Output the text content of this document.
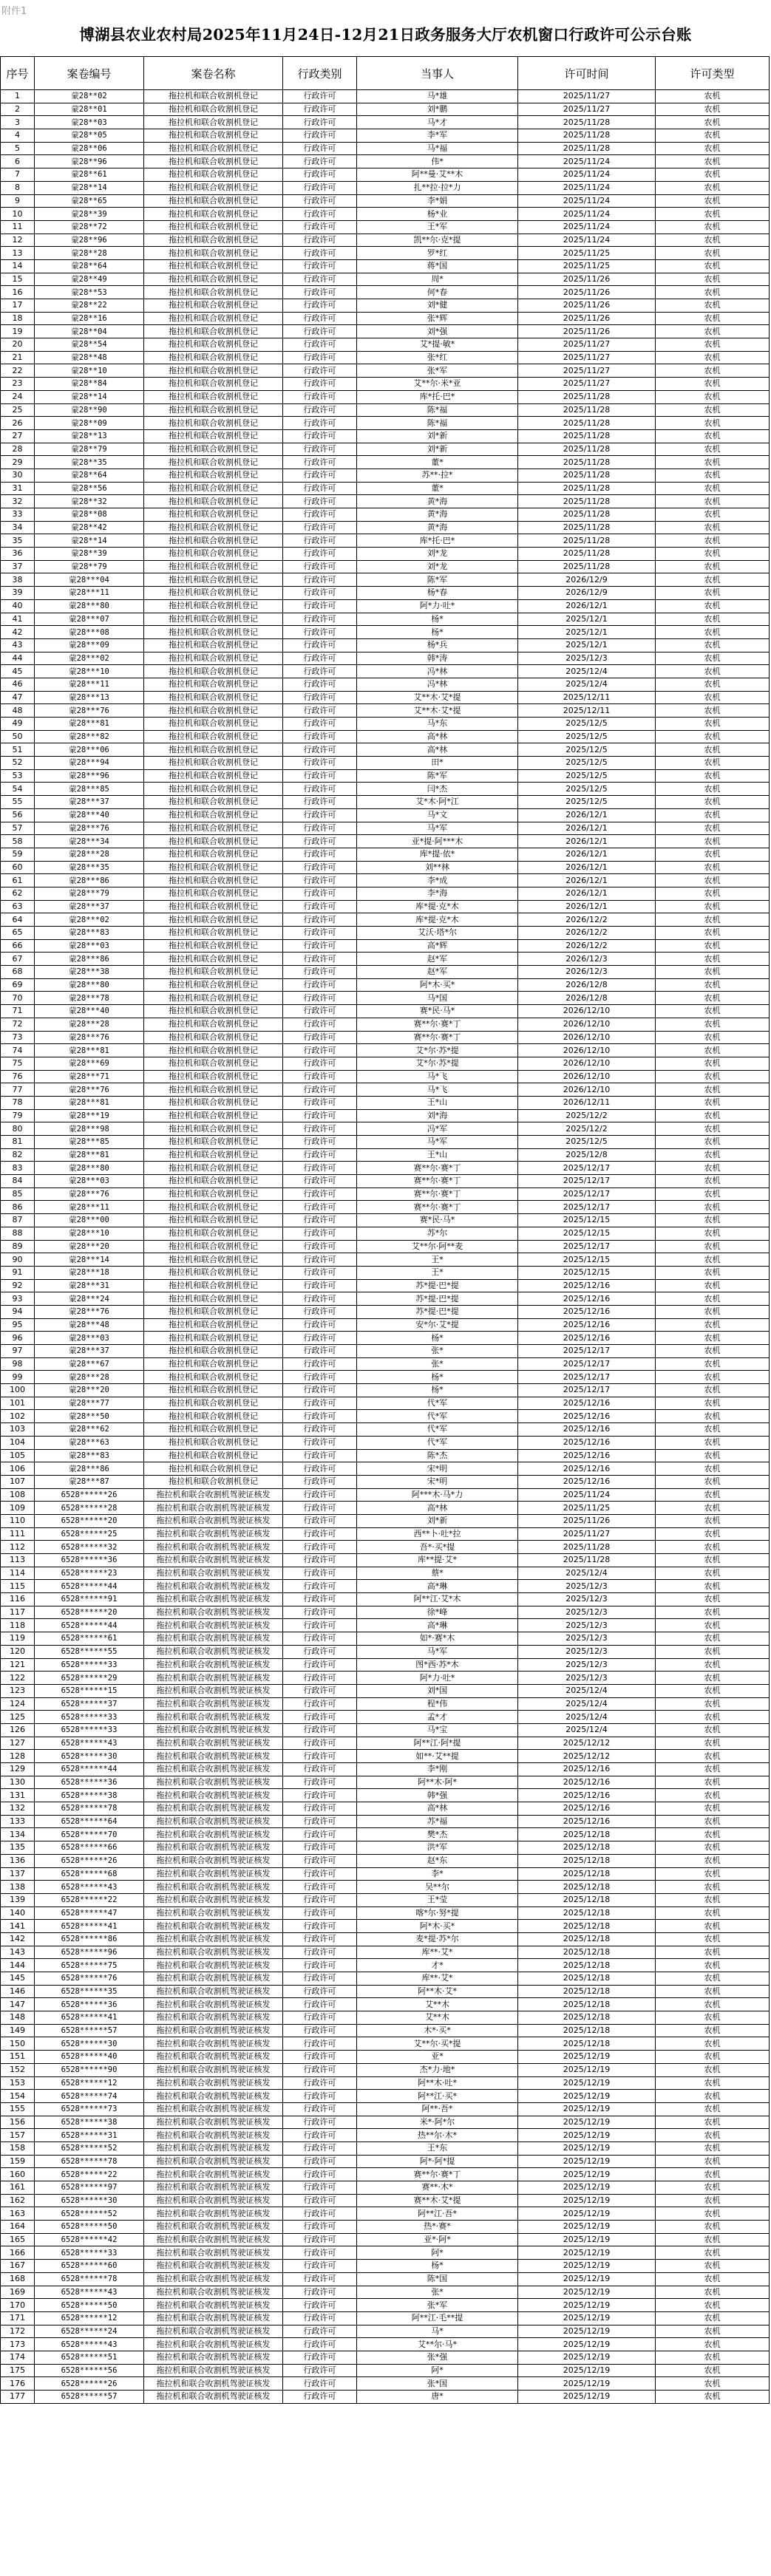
附件1
博湖县农业农村局2025年11月24日-12月21日政务服务大厅农机窗口行政许可公示台账
序号	案卷编号	案卷名称	行政类别	当事人	许可时间	许可类型
1	蒙28**02	拖拉机和联合收割机登记	行政许可	马*雄	2025/11/27	农机
2	蒙28**01	拖拉机和联合收割机登记	行政许可	刘*鹏	2025/11/27	农机
3	蒙28**03	拖拉机和联合收割机登记	行政许可	马*才	2025/11/28	农机
4	蒙28**05	拖拉机和联合收割机登记	行政许可	李*军	2025/11/28	农机
5	蒙28**06	拖拉机和联合收割机登记	行政许可	马*福	2025/11/28	农机
6	蒙28**96	拖拉机和联合收割机登记	行政许可	伟*	2025/11/24	农机
7	蒙28**61	拖拉机和联合收割机登记	行政许可	阿**曼·艾**木	2025/11/24	农机
8	蒙28**14	拖拉机和联合收割机登记	行政许可	扎**拉·拉*力	2025/11/24	农机
9	蒙28**65	拖拉机和联合收割机登记	行政许可	李*娟	2025/11/24	农机
10	蒙28**39	拖拉机和联合收割机登记	行政许可	杨*业	2025/11/24	农机
11	蒙28**72	拖拉机和联合收割机登记	行政许可	王*军	2025/11/24	农机
12	蒙28**96	拖拉机和联合收割机登记	行政许可	凯**尔·克*提	2025/11/24	农机
13	蒙28**28	拖拉机和联合收割机登记	行政许可	罗*红	2025/11/25	农机
14	蒙28**64	拖拉机和联合收割机登记	行政许可	蒋*国	2025/11/25	农机
15	蒙28**49	拖拉机和联合收割机登记	行政许可	周*	2025/11/26	农机
16	蒙28**53	拖拉机和联合收割机登记	行政许可	何*春	2025/11/26	农机
17	蒙28**22	拖拉机和联合收割机登记	行政许可	刘*健	2025/11/26	农机
18	蒙28**16	拖拉机和联合收割机登记	行政许可	张*辉	2025/11/26	农机
19	蒙28**04	拖拉机和联合收割机登记	行政许可	刘*强	2025/11/26	农机
20	蒙28**54	拖拉机和联合收割机登记	行政许可	艾*提·敏*	2025/11/27	农机
21	蒙28**48	拖拉机和联合收割机登记	行政许可	张*红	2025/11/27	农机
22	蒙28**10	拖拉机和联合收割机登记	行政许可	张*军	2025/11/27	农机
23	蒙28**84	拖拉机和联合收割机登记	行政许可	艾**尔·米*亚	2025/11/27	农机
24	蒙28**14	拖拉机和联合收割机登记	行政许可	库*托·巴*	2025/11/28	农机
25	蒙28**90	拖拉机和联合收割机登记	行政许可	陈*福	2025/11/28	农机
26	蒙28**09	拖拉机和联合收割机登记	行政许可	陈*福	2025/11/28	农机
27	蒙28**13	拖拉机和联合收割机登记	行政许可	刘*新	2025/11/28	农机
28	蒙28**79	拖拉机和联合收割机登记	行政许可	刘*新	2025/11/28	农机
29	蒙28**35	拖拉机和联合收割机登记	行政许可	董*	2025/11/28	农机
30	蒙28**64	拖拉机和联合收割机登记	行政许可	苏**·拉*	2025/11/28	农机
31	蒙28**56	拖拉机和联合收割机登记	行政许可	董*	2025/11/28	农机
32	蒙28**32	拖拉机和联合收割机登记	行政许可	黄*海	2025/11/28	农机
33	蒙28**08	拖拉机和联合收割机登记	行政许可	黄*海	2025/11/28	农机
34	蒙28**42	拖拉机和联合收割机登记	行政许可	黄*海	2025/11/28	农机
35	蒙28**14	拖拉机和联合收割机登记	行政许可	库*托·巴*	2025/11/28	农机
36	蒙28**39	拖拉机和联合收割机登记	行政许可	刘*龙	2025/11/28	农机
37	蒙28**79	拖拉机和联合收割机登记	行政许可	刘*龙	2025/11/28	农机
38	蒙28***04	拖拉机和联合收割机登记	行政许可	陈*军	2026/12/9	农机
39	蒙28***11	拖拉机和联合收割机登记	行政许可	杨*春	2026/12/9	农机
40	蒙28***80	拖拉机和联合收割机登记	行政许可	阿*力·吐*	2026/12/1	农机
41	蒙28***07	拖拉机和联合收割机登记	行政许可	杨*	2025/12/1	农机
42	蒙28***08	拖拉机和联合收割机登记	行政许可	杨*	2025/12/1	农机
43	蒙28***09	拖拉机和联合收割机登记	行政许可	杨*兵	2025/12/1	农机
44	蒙28***02	拖拉机和联合收割机登记	行政许可	韩*涛	2025/12/3	农机
45	蒙28***10	拖拉机和联合收割机登记	行政许可	冯*林	2025/12/4	农机
46	蒙28***11	拖拉机和联合收割机登记	行政许可	冯*林	2025/12/4	农机
47	蒙28***13	拖拉机和联合收割机登记	行政许可	艾**木·艾*提	2025/12/11	农机
48	蒙28***76	拖拉机和联合收割机登记	行政许可	艾**木·艾*提	2025/12/11	农机
49	蒙28***81	拖拉机和联合收割机登记	行政许可	马*东	2025/12/5	农机
50	蒙28***82	拖拉机和联合收割机登记	行政许可	高*林	2025/12/5	农机
51	蒙28***06	拖拉机和联合收割机登记	行政许可	高*林	2025/12/5	农机
52	蒙28***94	拖拉机和联合收割机登记	行政许可	田*	2025/12/5	农机
53	蒙28***96	拖拉机和联合收割机登记	行政许可	陈*军	2025/12/5	农机
54	蒙28***85	拖拉机和联合收割机登记	行政许可	闫*杰	2025/12/5	农机
55	蒙28***37	拖拉机和联合收割机登记	行政许可	艾*木·阿*江	2025/12/5	农机
56	蒙28***40	拖拉机和联合收割机登记	行政许可	马*文	2026/12/1	农机
57	蒙28***76	拖拉机和联合收割机登记	行政许可	马*军	2026/12/1	农机
58	蒙28***34	拖拉机和联合收割机登记	行政许可	亚*提·阿***木	2026/12/1	农机
59	蒙28***28	拖拉机和联合收割机登记	行政许可	库*提·依*	2026/12/1	农机
60	蒙28***35	拖拉机和联合收割机登记	行政许可	刘**林	2026/12/1	农机
61	蒙28***86	拖拉机和联合收割机登记	行政许可	李*成	2026/12/1	农机
62	蒙28***79	拖拉机和联合收割机登记	行政许可	李*海	2026/12/1	农机
63	蒙28***37	拖拉机和联合收割机登记	行政许可	库*提·克*木	2026/12/1	农机
64	蒙28***02	拖拉机和联合收割机登记	行政许可	库*提·克*木	2026/12/2	农机
65	蒙28***83	拖拉机和联合收割机登记	行政许可	艾沃·塔*尔	2026/12/2	农机
66	蒙28***03	拖拉机和联合收割机登记	行政许可	高*辉	2026/12/2	农机
67	蒙28***86	拖拉机和联合收割机登记	行政许可	赵*军	2026/12/3	农机
68	蒙28***38	拖拉机和联合收割机登记	行政许可	赵*军	2026/12/3	农机
69	蒙28***80	拖拉机和联合收割机登记	行政许可	阿*木·买*	2026/12/8	农机
70	蒙28***78	拖拉机和联合收割机登记	行政许可	马*国	2026/12/8	农机
71	蒙28***40	拖拉机和联合收割机登记	行政许可	赛*民·马*	2026/12/10	农机
72	蒙28***28	拖拉机和联合收割机登记	行政许可	赛**尔·赛*丁	2026/12/10	农机
73	蒙28***76	拖拉机和联合收割机登记	行政许可	赛**尔·赛*丁	2026/12/10	农机
74	蒙28***81	拖拉机和联合收割机登记	行政许可	艾*尔·苏*提	2026/12/10	农机
75	蒙28***69	拖拉机和联合收割机登记	行政许可	艾*尔·苏*提	2026/12/10	农机
76	蒙28***71	拖拉机和联合收割机登记	行政许可	马*飞	2026/12/10	农机
77	蒙28***76	拖拉机和联合收割机登记	行政许可	马*飞	2026/12/10	农机
78	蒙28***81	拖拉机和联合收割机登记	行政许可	王*山	2026/12/11	农机
79	蒙28***19	拖拉机和联合收割机登记	行政许可	刘*海	2025/12/2	农机
80	蒙28***98	拖拉机和联合收割机登记	行政许可	冯*军	2025/12/2	农机
81	蒙28***85	拖拉机和联合收割机登记	行政许可	马*军	2025/12/5	农机
82	蒙28***81	拖拉机和联合收割机登记	行政许可	王*山	2025/12/8	农机
83	蒙28***80	拖拉机和联合收割机登记	行政许可	赛**尔·赛*丁	2025/12/17	农机
84	蒙28***03	拖拉机和联合收割机登记	行政许可	赛**尔·赛*丁	2025/12/17	农机
85	蒙28***76	拖拉机和联合收割机登记	行政许可	赛**尔·赛*丁	2025/12/17	农机
86	蒙28***11	拖拉机和联合收割机登记	行政许可	赛**尔·赛*丁	2025/12/17	农机
87	蒙28***00	拖拉机和联合收割机登记	行政许可	赛*民·马*	2025/12/15	农机
88	蒙28***10	拖拉机和联合收割机登记	行政许可	苏*尔	2025/12/15	农机
89	蒙28***20	拖拉机和联合收割机登记	行政许可	艾**尔·阿**麦	2025/12/17	农机
90	蒙28***14	拖拉机和联合收割机登记	行政许可	王*	2025/12/15	农机
91	蒙28***18	拖拉机和联合收割机登记	行政许可	王*	2025/12/15	农机
92	蒙28***31	拖拉机和联合收割机登记	行政许可	苏*提·巴*提	2025/12/16	农机
93	蒙28***24	拖拉机和联合收割机登记	行政许可	苏*提·巴*提	2025/12/16	农机
94	蒙28***76	拖拉机和联合收割机登记	行政许可	苏*提·巴*提	2025/12/16	农机
95	蒙28***48	拖拉机和联合收割机登记	行政许可	安*尔·艾*提	2025/12/16	农机
96	蒙28***03	拖拉机和联合收割机登记	行政许可	杨*	2025/12/16	农机
97	蒙28***37	拖拉机和联合收割机登记	行政许可	张*	2025/12/17	农机
98	蒙28***67	拖拉机和联合收割机登记	行政许可	张*	2025/12/17	农机
99	蒙28***28	拖拉机和联合收割机登记	行政许可	杨*	2025/12/17	农机
100	蒙28***20	拖拉机和联合收割机登记	行政许可	杨*	2025/12/17	农机
101	蒙28***77	拖拉机和联合收割机登记	行政许可	代*军	2025/12/16	农机
102	蒙28***50	拖拉机和联合收割机登记	行政许可	代*军	2025/12/16	农机
103	蒙28***62	拖拉机和联合收割机登记	行政许可	代*军	2025/12/16	农机
104	蒙28***63	拖拉机和联合收割机登记	行政许可	代*军	2025/12/16	农机
105	蒙28***83	拖拉机和联合收割机登记	行政许可	陈*杰	2025/12/16	农机
106	蒙28***86	拖拉机和联合收割机登记	行政许可	宋*明	2025/12/16	农机
107	蒙28***87	拖拉机和联合收割机登记	行政许可	宋*明	2025/12/16	农机
108	6528******26	拖拉机和联合收割机驾驶证核发	行政许可	阿***木·马*力	2025/11/24	农机
109	6528******28	拖拉机和联合收割机驾驶证核发	行政许可	高*林	2025/11/25	农机
110	6528******20	拖拉机和联合收割机驾驶证核发	行政许可	刘*新	2025/11/26	农机
111	6528******25	拖拉机和联合收割机驾驶证核发	行政许可	西**卜·吐*拉	2025/11/27	农机
112	6528******32	拖拉机和联合收割机驾驶证核发	行政许可	吾*·买*提	2025/11/28	农机
113	6528******36	拖拉机和联合收割机驾驶证核发	行政许可	库**提·艾*	2025/11/28	农机
114	6528******23	拖拉机和联合收割机驾驶证核发	行政许可	蔡*	2025/12/4	农机
115	6528******44	拖拉机和联合收割机驾驶证核发	行政许可	高*琳	2025/12/3	农机
116	6528******91	拖拉机和联合收割机驾驶证核发	行政许可	阿**江·艾*木	2025/12/3	农机
117	6528******20	拖拉机和联合收割机驾驶证核发	行政许可	徐*峰	2025/12/3	农机
118	6528******44	拖拉机和联合收割机驾驶证核发	行政许可	高*琳	2025/12/3	农机
119	6528******61	拖拉机和联合收割机驾驶证核发	行政许可	如*·赛*木	2025/12/3	农机
120	6528******55	拖拉机和联合收割机驾驶证核发	行政许可	马*军	2025/12/3	农机
121	6528******33	拖拉机和联合收割机驾驶证核发	行政许可	图*西·苏*木	2025/12/3	农机
122	6528******29	拖拉机和联合收割机驾驶证核发	行政许可	阿*力·吐*	2025/12/3	农机
123	6528******15	拖拉机和联合收割机驾驶证核发	行政许可	刘*国	2025/12/4	农机
124	6528******37	拖拉机和联合收割机驾驶证核发	行政许可	程*伟	2025/12/4	农机
125	6528******33	拖拉机和联合收割机驾驶证核发	行政许可	孟*才	2025/12/4	农机
126	6528******33	拖拉机和联合收割机驾驶证核发	行政许可	马*宝	2025/12/4	农机
127	6528******43	拖拉机和联合收割机驾驶证核发	行政许可	阿**江·阿*提	2025/12/12	农机
128	6528******30	拖拉机和联合收割机驾驶证核发	行政许可	如**·艾**提	2025/12/12	农机
129	6528******44	拖拉机和联合收割机驾驶证核发	行政许可	李*刚	2025/12/16	农机
130	6528******36	拖拉机和联合收割机驾驶证核发	行政许可	阿**木·阿*	2025/12/16	农机
131	6528******38	拖拉机和联合收割机驾驶证核发	行政许可	韩*强	2025/12/16	农机
132	6528******78	拖拉机和联合收割机驾驶证核发	行政许可	高*林	2025/12/16	农机
133	6528******64	拖拉机和联合收割机驾驶证核发	行政许可	苏*福	2025/12/16	农机
134	6528******70	拖拉机和联合收割机驾驶证核发	行政许可	樊*杰	2025/12/18	农机
135	6528******66	拖拉机和联合收割机驾驶证核发	行政许可	洪*军	2025/12/18	农机
136	6528******26	拖拉机和联合收割机驾驶证核发	行政许可	赵*东	2025/12/18	农机
137	6528******68	拖拉机和联合收割机驾驶证核发	行政许可	李*	2025/12/18	农机
138	6528******43	拖拉机和联合收割机驾驶证核发	行政许可	吴**尔	2025/12/18	农机
139	6528******22	拖拉机和联合收割机驾驶证核发	行政许可	王*莹	2025/12/18	农机
140	6528******47	拖拉机和联合收割机驾驶证核发	行政许可	喀*尔·努*提	2025/12/18	农机
141	6528******41	拖拉机和联合收割机驾驶证核发	行政许可	阿*木·买*	2025/12/18	农机
142	6528******86	拖拉机和联合收割机驾驶证核发	行政许可	麦*提·苏*尔	2025/12/18	农机
143	6528******96	拖拉机和联合收割机驾驶证核发	行政许可	库**·艾*	2025/12/18	农机
144	6528******75	拖拉机和联合收割机驾驶证核发	行政许可	才*	2025/12/18	农机
145	6528******76	拖拉机和联合收割机驾驶证核发	行政许可	库**·艾*	2025/12/18	农机
146	6528******35	拖拉机和联合收割机驾驶证核发	行政许可	阿**木·艾*	2025/12/18	农机
147	6528******36	拖拉机和联合收割机驾驶证核发	行政许可	艾**木	2025/12/18	农机
148	6528******41	拖拉机和联合收割机驾驶证核发	行政许可	艾**木	2025/12/18	农机
149	6528******57	拖拉机和联合收割机驾驶证核发	行政许可	木*·买*	2025/12/18	农机
150	6528******30	拖拉机和联合收割机驾驶证核发	行政许可	艾**尔·买*提	2025/12/18	农机
151	6528******40	拖拉机和联合收割机驾驶证核发	行政许可	亚*	2025/12/19	农机
152	6528******90	拖拉机和联合收割机驾驶证核发	行政许可	杰*力·地*	2025/12/19	农机
153	6528******12	拖拉机和联合收割机驾驶证核发	行政许可	阿**木·吐*	2025/12/19	农机
154	6528******74	拖拉机和联合收割机驾驶证核发	行政许可	阿**江·买*	2025/12/19	农机
155	6528******73	拖拉机和联合收割机驾驶证核发	行政许可	阿**·吾*	2025/12/19	农机
156	6528******38	拖拉机和联合收割机驾驶证核发	行政许可	米*·阿*尔	2025/12/19	农机
157	6528******31	拖拉机和联合收割机驾驶证核发	行政许可	热**尔·木*	2025/12/19	农机
158	6528******52	拖拉机和联合收割机驾驶证核发	行政许可	王*东	2025/12/19	农机
159	6528******78	拖拉机和联合收割机驾驶证核发	行政许可	阿*·阿*提	2025/12/19	农机
160	6528******22	拖拉机和联合收割机驾驶证核发	行政许可	赛**尔·赛*丁	2025/12/19	农机
161	6528******97	拖拉机和联合收割机驾驶证核发	行政许可	赛**·木*	2025/12/19	农机
162	6528******30	拖拉机和联合收割机驾驶证核发	行政许可	赛**木·艾*提	2025/12/19	农机
163	6528******52	拖拉机和联合收割机驾驶证核发	行政许可	阿**江·吾*	2025/12/19	农机
164	6528******50	拖拉机和联合收割机驾驶证核发	行政许可	热*·赛*	2025/12/19	农机
165	6528******42	拖拉机和联合收割机驾驶证核发	行政许可	亚*·阿*	2025/12/19	农机
166	6528******33	拖拉机和联合收割机驾驶证核发	行政许可	阿*	2025/12/19	农机
167	6528******60	拖拉机和联合收割机驾驶证核发	行政许可	杨*	2025/12/19	农机
168	6528******78	拖拉机和联合收割机驾驶证核发	行政许可	陈*国	2025/12/19	农机
169	6528******43	拖拉机和联合收割机驾驶证核发	行政许可	张*	2025/12/19	农机
170	6528******50	拖拉机和联合收割机驾驶证核发	行政许可	张*军	2025/12/19	农机
171	6528******12	拖拉机和联合收割机驾驶证核发	行政许可	阿**江·毛**提	2025/12/19	农机
172	6528******24	拖拉机和联合收割机驾驶证核发	行政许可	马*	2025/12/19	农机
173	6528******43	拖拉机和联合收割机驾驶证核发	行政许可	艾**尔·马*	2025/12/19	农机
174	6528******51	拖拉机和联合收割机驾驶证核发	行政许可	张*强	2025/12/19	农机
175	6528******56	拖拉机和联合收割机驾驶证核发	行政许可	阿*	2025/12/19	农机
176	6528******26	拖拉机和联合收割机驾驶证核发	行政许可	张*国	2025/12/19	农机
177	6528******57	拖拉机和联合收割机驾驶证核发	行政许可	唐*	2025/12/19	农机
